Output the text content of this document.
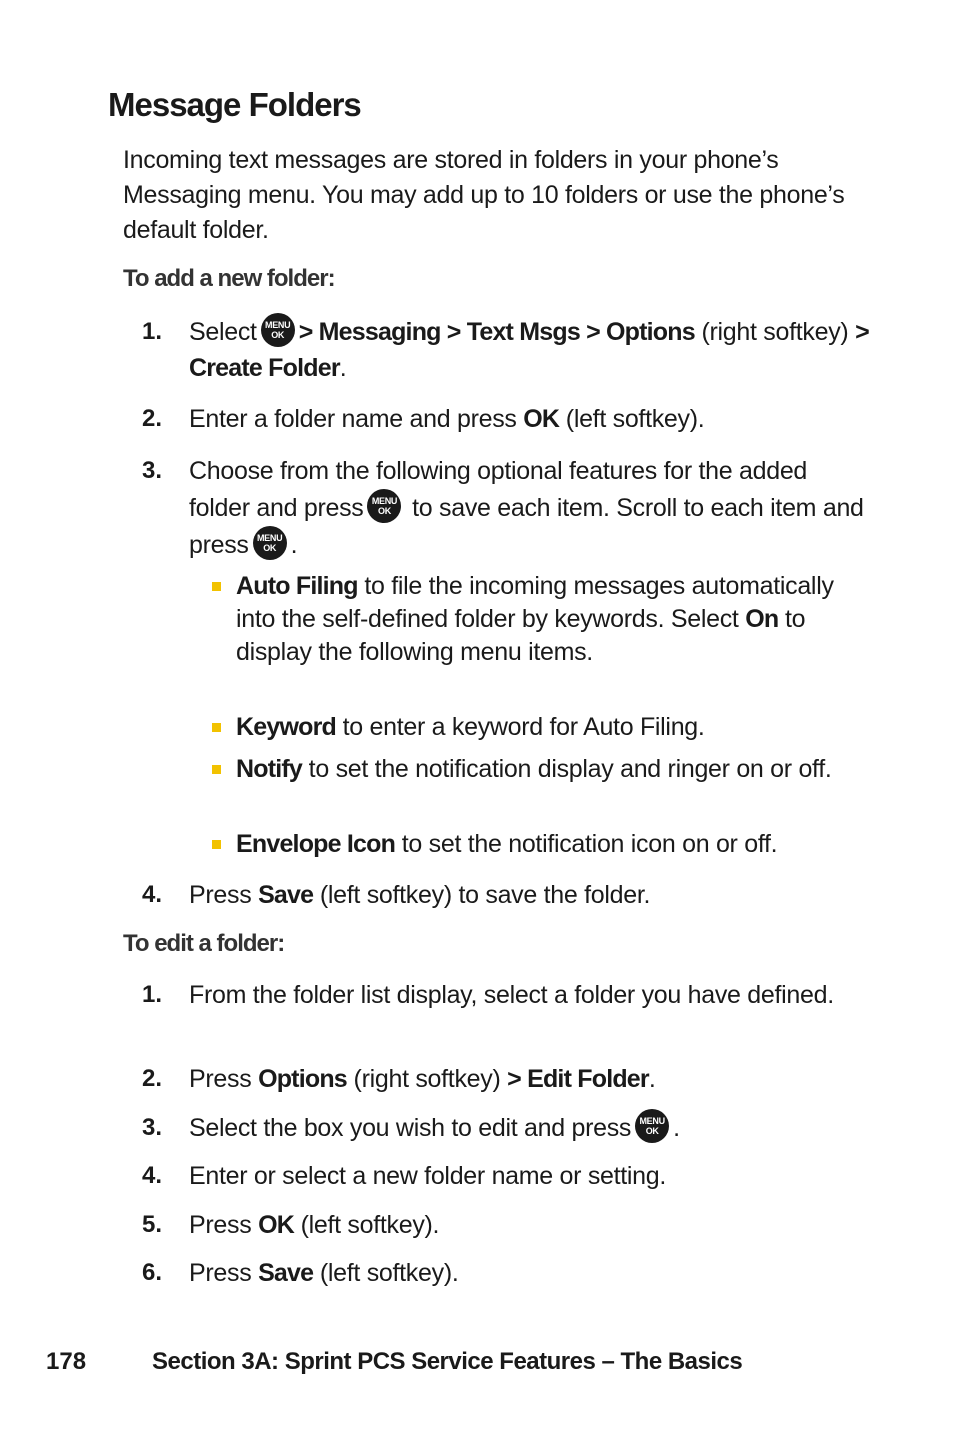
Message Folders
Incoming text messages are stored in folders in your phone’s Messaging menu. You may add up to 10 folders or use the phone’s default folder.
To add a new folder:
1.	Select MENU
OK > Messaging > Text Msgs > Options (right softkey) > Create Folder.
2.	Enter a folder name and press OK (left softkey).
3.	Choose from the following optional features for the added folder and press MENU
OK to save each item. Scroll to each item and press MENU
OK .
Auto Filing to file the incoming messages automatically into the self-defined folder by keywords. Select On to display the following menu items.
Keyword to enter a keyword for Auto Filing.
Notify to set the notification display and ringer on or off.
Envelope Icon to set the notification icon on or off.
4.	Press Save (left softkey) to save the folder.
To edit a folder:
1.	From the folder list display, select a folder you have defined.
2.	Press Options (right softkey) > Edit Folder.
3.	Select the box you wish to edit and press MENU
OK .
4.	Enter or select a new folder name or setting.
5.	Press OK (left softkey).
6.	Press Save (left softkey).
178	Section 3A: Sprint PCS Service Features – The Basics
